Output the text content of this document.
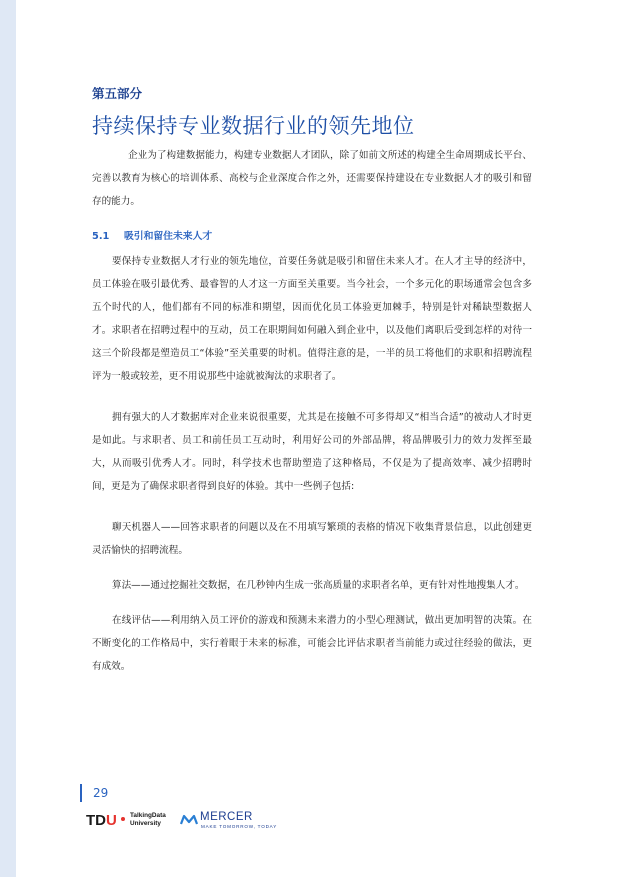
第五部分
持续保持专业数据行业的领先地位

企业为了构建数据能力，构建专业数据人才团队，除了如前文所述的构建全生命周期成长平台、完善以教育为核心的培训体系、高校与企业深度合作之外，还需要保持建设在专业数据人才的吸引和留存的能力。

5.1 吸引和留住未来人才

要保持专业数据人才行业的领先地位，首要任务就是吸引和留住未来人才。在人才主导的经济中，员工体验在吸引最优秀、最睿智的人才这一方面至关重要。当今社会，一个多元化的职场通常会包含多五个时代的人，他们都有不同的标准和期望，因而优化员工体验更加棘手，特别是针对稀缺型数据人才。求职者在招聘过程中的互动，员工在职期间如何融入到企业中，以及他们离职后受到怎样的对待一这三个阶段都是塑造员工“体验”至关重要的时机。值得注意的是，一半的员工将他们的求职和招聘流程评为一般或较差，更不用说那些中途就被淘汰的求职者了。

拥有强大的人才数据库对企业来说很重要，尤其是在接触不可多得却又“相当合适”的被动人才时更是如此。与求职者、员工和前任员工互动时，利用好公司的外部品牌，将品牌吸引力的效力发挥至最大，从而吸引优秀人才。同时，科学技术也帮助塑造了这种格局，不仅是为了提高效率、减少招聘时间，更是为了确保求职者得到良好的体验。其中一些例子包括:

聊天机器人——回答求职者的问题以及在不用填写繁琐的表格的情况下收集背景信息，以此创建更灵活愉快的招聘流程。

算法——通过挖掘社交数据，在几秒钟内生成一张高质量的求职者名单，更有针对性地搜集人才。

在线评估——利用纳入员工评价的游戏和预测未来潜力的小型心理测试，做出更加明智的决策。在不断变化的工作格局中，实行着眼于未来的标准，可能会比评估求职者当前能力或过往经验的做法，更有成效。

29
TDU TalkingData
University	MERCER
MAKE TOMORROW, TODAY
